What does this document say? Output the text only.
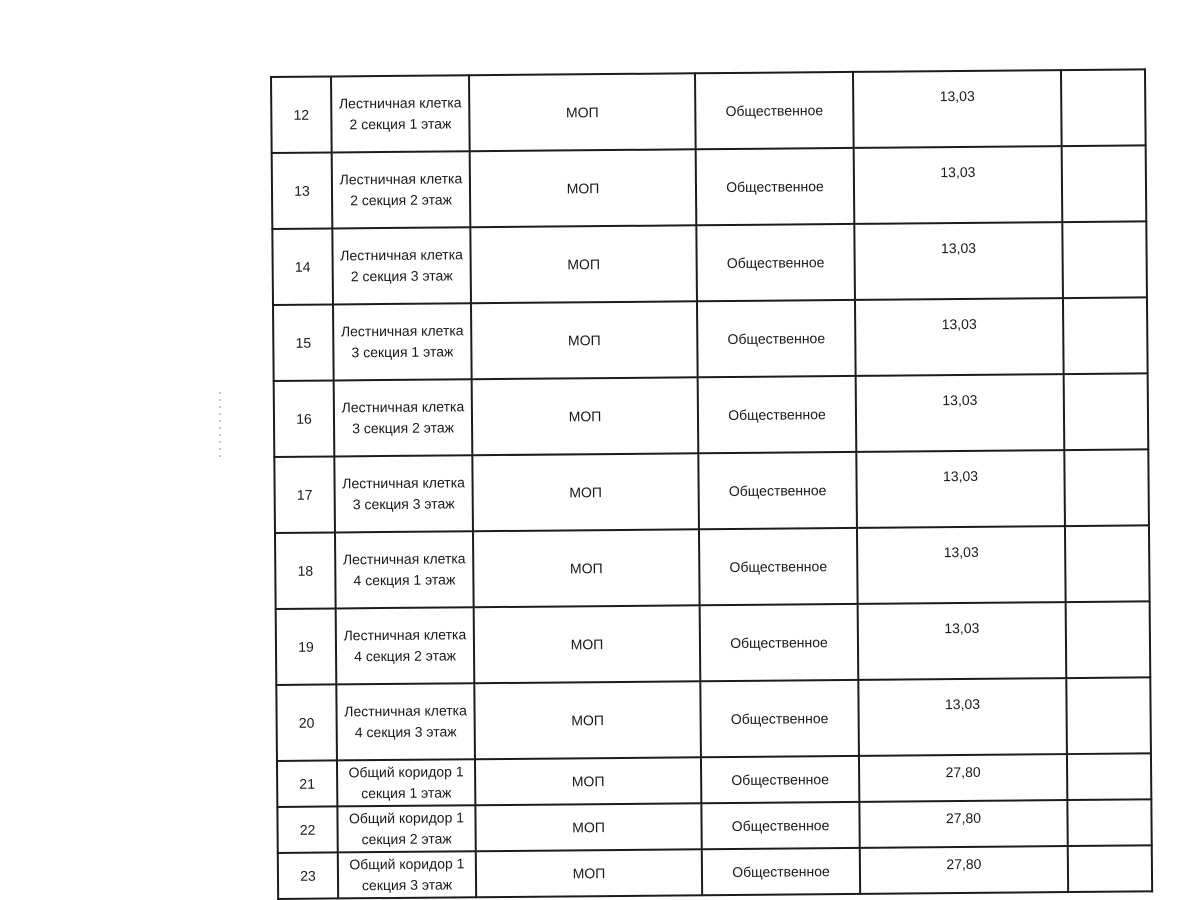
12	Лестничная клетка
2 секция 1 этаж	МОП	Общественное	13,03	
13	Лестничная клетка
2 секция 2 этаж	МОП	Общественное	13,03	
14	Лестничная клетка
2 секция 3 этаж	МОП	Общественное	13,03	
15	Лестничная клетка
3 секция 1 этаж	МОП	Общественное	13,03	
16	Лестничная клетка
3 секция 2 этаж	МОП	Общественное	13,03	
17	Лестничная клетка
3 секция 3 этаж	МОП	Общественное	13,03	
18	Лестничная клетка
4 секция 1 этаж	МОП	Общественное	13,03	
19	Лестничная клетка
4 секция 2 этаж	МОП	Общественное	13,03	
20	Лестничная клетка
4 секция 3 этаж	МОП	Общественное	13,03	
21	Общий коридор 1
секция 1 этаж	МОП	Общественное	27,80	
22	Общий коридор 1
секция 2 этаж	МОП	Общественное	27,80	
23	Общий коридор 1
секция 3 этаж	МОП	Общественное	27,80	
